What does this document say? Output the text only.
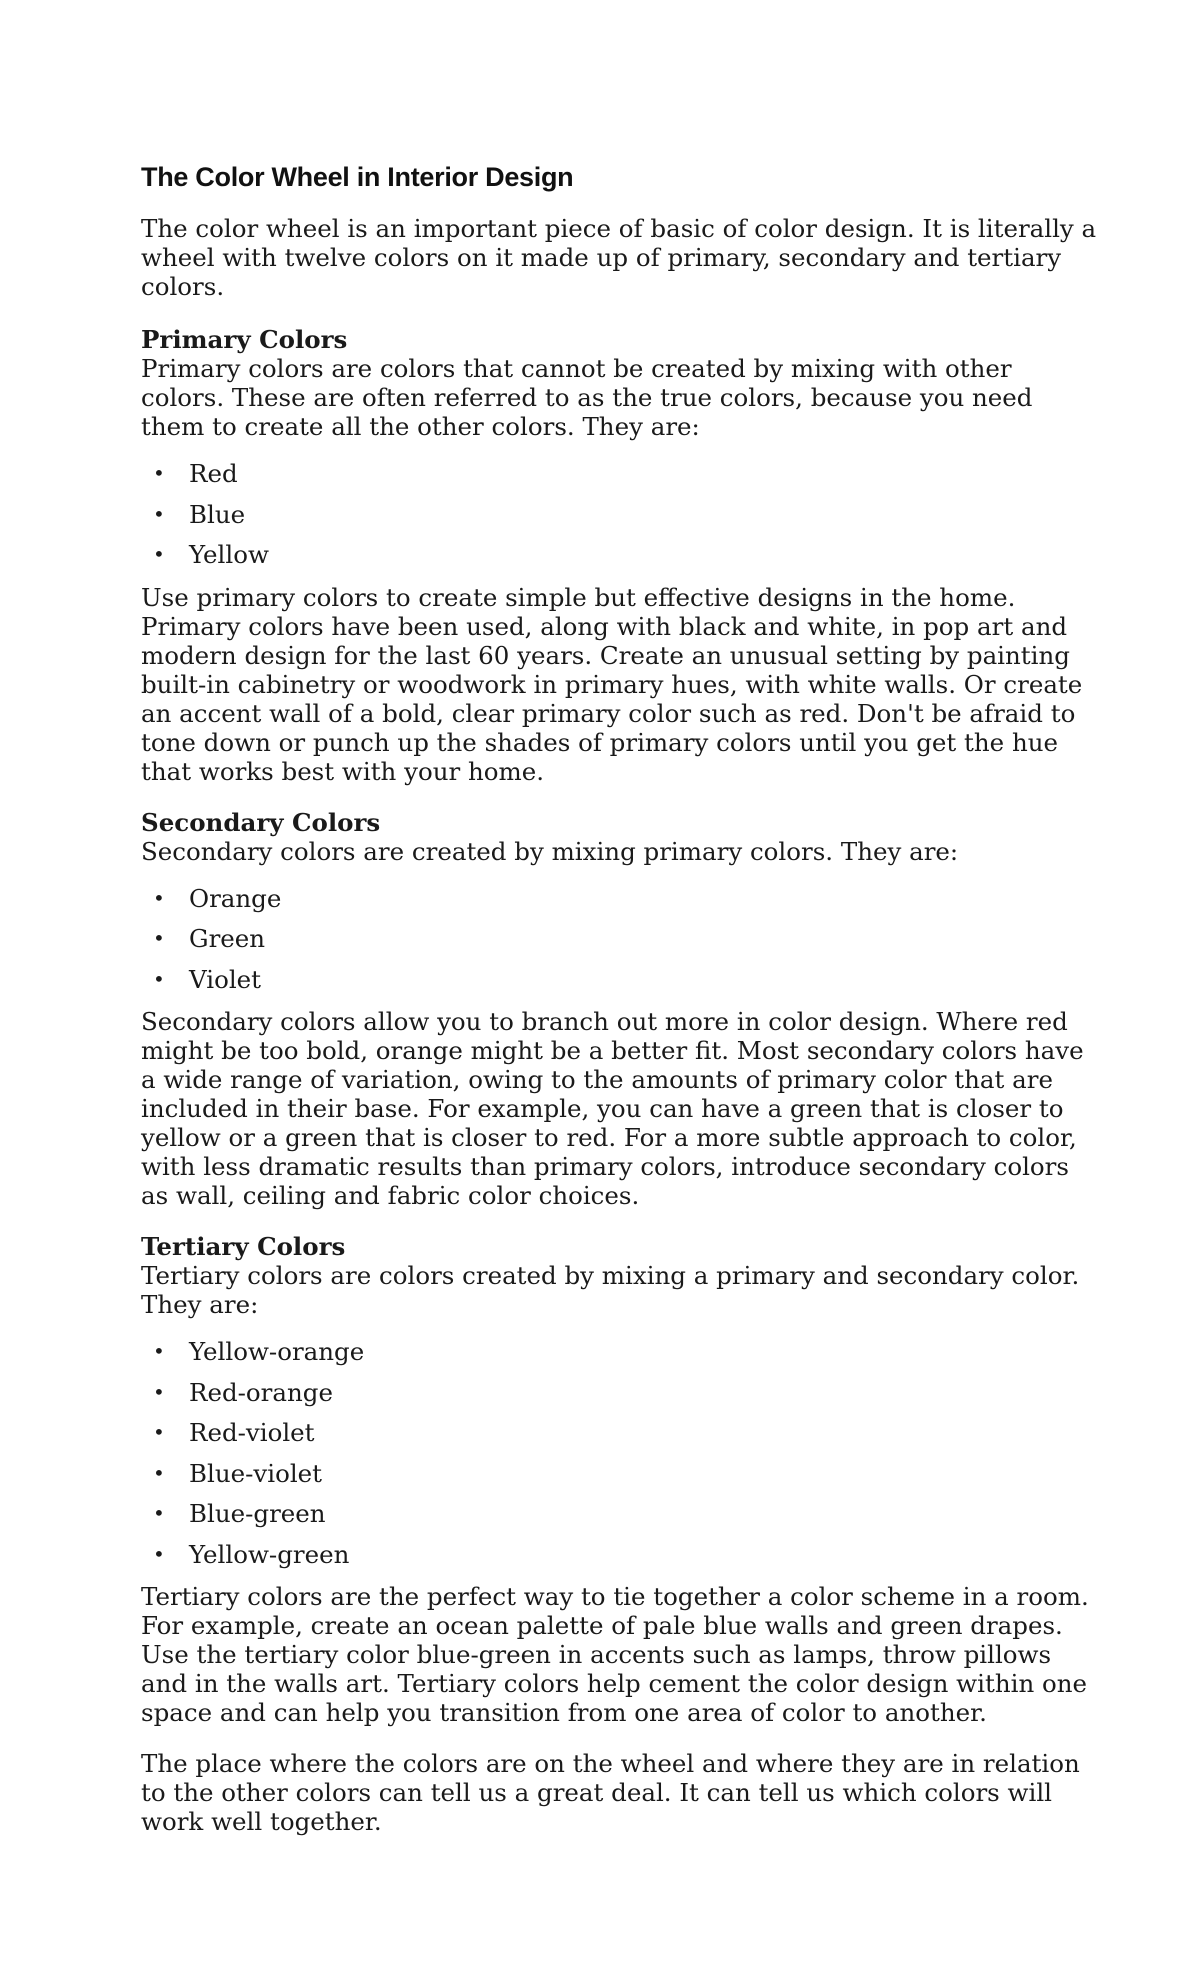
The Color Wheel in Interior Design

The color wheel is an important piece of basic of color design. It is literally a wheel with twelve colors on it made up of primary, secondary and tertiary colors.

Primary Colors
Primary colors are colors that cannot be created by mixing with other colors. These are often referred to as the true colors, because you need them to create all the other colors. They are:

• Red
• Blue
• Yellow

Use primary colors to create simple but effective designs in the home. Primary colors have been used, along with black and white, in pop art and modern design for the last 60 years. Create an unusual setting by painting built-in cabinetry or woodwork in primary hues, with white walls. Or create an accent wall of a bold, clear primary color such as red. Don't be afraid to tone down or punch up the shades of primary colors until you get the hue that works best with your home.

Secondary Colors
Secondary colors are created by mixing primary colors. They are:

• Orange
• Green
• Violet

Secondary colors allow you to branch out more in color design. Where red might be too bold, orange might be a better fit. Most secondary colors have a wide range of variation, owing to the amounts of primary color that are included in their base. For example, you can have a green that is closer to yellow or a green that is closer to red. For a more subtle approach to color, with less dramatic results than primary colors, introduce secondary colors as wall, ceiling and fabric color choices.

Tertiary Colors
Tertiary colors are colors created by mixing a primary and secondary color. They are:

• Yellow-orange
• Red-orange
• Red-violet
• Blue-violet
• Blue-green
• Yellow-green

Tertiary colors are the perfect way to tie together a color scheme in a room. For example, create an ocean palette of pale blue walls and green drapes. Use the tertiary color blue-green in accents such as lamps, throw pillows and in the walls art. Tertiary colors help cement the color design within one space and can help you transition from one area of color to another.

The place where the colors are on the wheel and where they are in relation to the other colors can tell us a great deal. It can tell us which colors will work well together.
